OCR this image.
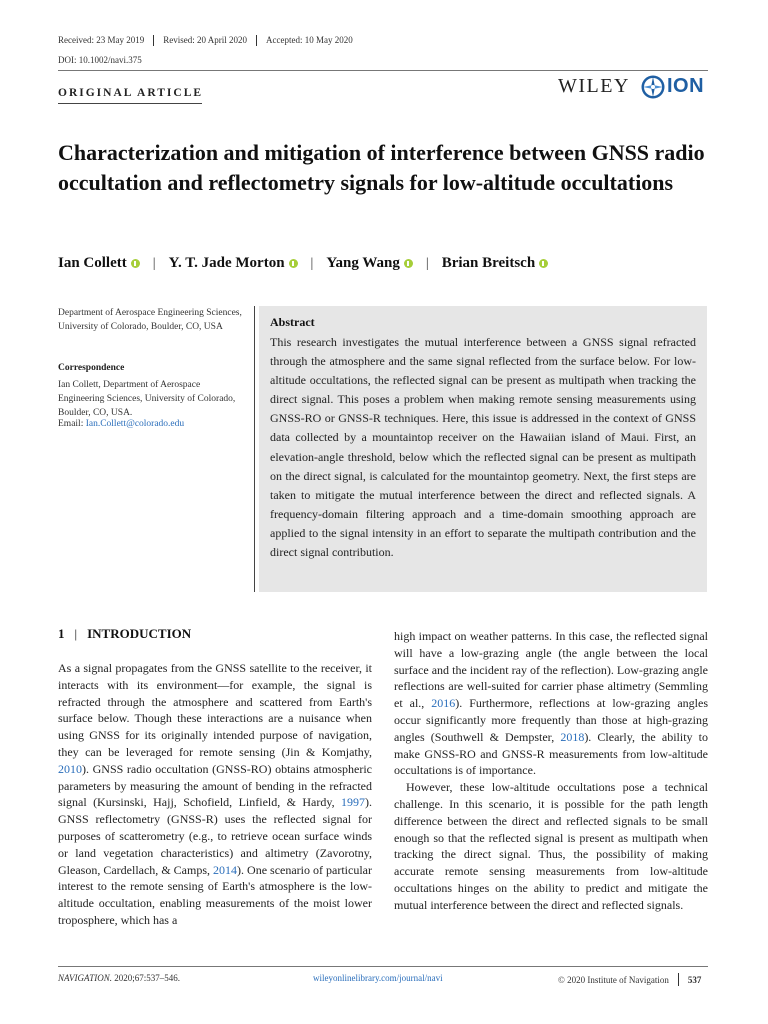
Received: 23 May 2019	Revised: 20 April 2020	Accepted: 10 May 2020
DOI: 10.1002/navi.375
ORIGINAL ARTICLE	WILEY ION
Characterization and mitigation of interference between GNSS radio occultation and reflectometry signals for low-altitude occultations
Ian Collett | Y. T. Jade Morton | Yang Wang | Brian Breitsch
Department of Aerospace Engineering Sciences, University of Colorado, Boulder, CO, USA
Correspondence
Ian Collett, Department of Aerospace Engineering Sciences, University of Colorado, Boulder, CO, USA.
Email: Ian.Collett@colorado.edu
Abstract
This research investigates the mutual interference between a GNSS signal refracted through the atmosphere and the same signal reflected from the surface below. For low-altitude occultations, the reflected signal can be present as multipath when tracking the direct signal. This poses a problem when making remote sensing measurements using GNSS-RO or GNSS-R techniques. Here, this issue is addressed in the context of GNSS data collected by a mountaintop receiver on the Hawaiian island of Maui. First, an elevation-angle threshold, below which the reflected signal can be present as multipath on the direct signal, is calculated for the mountaintop geometry. Next, the first steps are taken to mitigate the mutual interference between the direct and reflected signals. A frequency-domain filtering approach and a time-domain smoothing approach are applied to the signal intensity in an effort to separate the multipath contribution and the direct signal contribution.
1 | INTRODUCTION

As a signal propagates from the GNSS satellite to the receiver, it interacts with its environment—for example, the signal is refracted through the atmosphere and scattered from Earth's surface below. Though these interactions are a nuisance when using GNSS for its originally intended purpose of navigation, they can be leveraged for remote sensing (Jin & Komjathy, 2010). GNSS radio occultation (GNSS-RO) obtains atmospheric parameters by measuring the amount of bending in the refracted signal (Kursinski, Hajj, Schofield, Linfield, & Hardy, 1997). GNSS reflectometry (GNSS-R) uses the reflected signal for purposes of scatterometry (e.g., to retrieve ocean surface winds or land vegetation characteristics) and altimetry (Zavorotny, Gleason, Cardellach, & Camps, 2014). One scenario of particular interest to the remote sensing of Earth's atmosphere is the low-altitude occultation, enabling measurements of the moist lower troposphere, which has a

high impact on weather patterns. In this case, the reflected signal will have a low-grazing angle (the angle between the local surface and the incident ray of the reflection). Low-grazing angle reflections are well-suited for carrier phase altimetry (Semmling et al., 2016). Furthermore, reflections at low-grazing angles occur significantly more frequently than those at high-grazing angles (Southwell & Dempster, 2018). Clearly, the ability to make GNSS-RO and GNSS-R measurements from low-altitude occultations is of importance.

However, these low-altitude occultations pose a technical challenge. In this scenario, it is possible for the path length difference between the direct and reflected signals to be small enough so that the reflected signal is present as multipath when tracking the direct signal. Thus, the possibility of making accurate remote sensing measurements from low-altitude occultations hinges on the ability to predict and mitigate the mutual interference between the direct and reflected signals.

NAVIGATION. 2020;67:537–546.	wileyonlinelibrary.com/journal/navi	© 2020 Institute of Navigation 537
